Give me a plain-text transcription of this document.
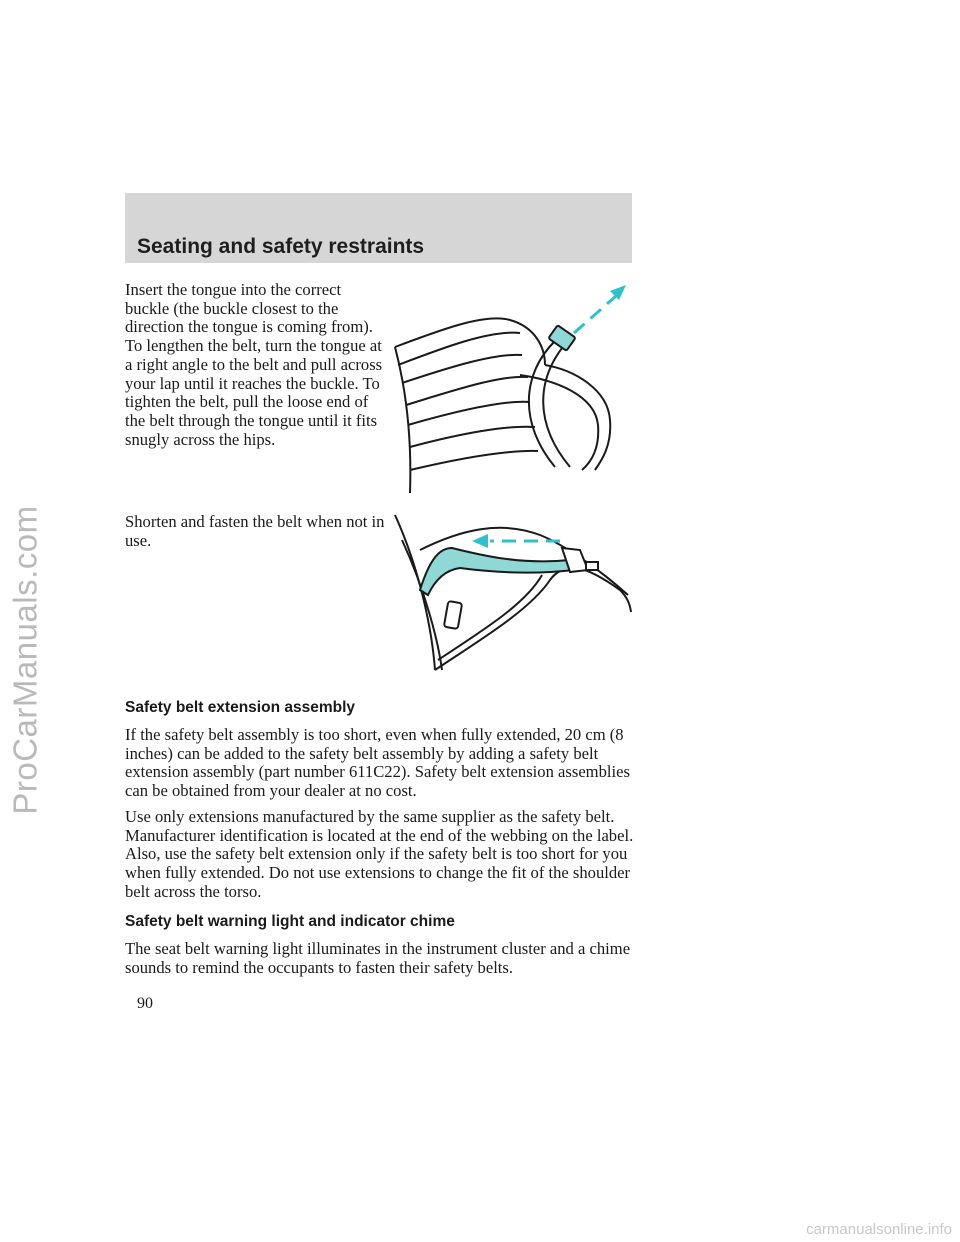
ProCarManuals.com
Seating and safety restraints

Insert the tongue into the correct buckle (the buckle closest to the direction the tongue is coming from). To lengthen the belt, turn the tongue at a right angle to the belt and pull across your lap until it reaches the buckle. To tighten the belt, pull the loose end of the belt through the tongue until it fits snugly across the hips.

Shorten and fasten the belt when not in use.

Safety belt extension assembly

If the safety belt assembly is too short, even when fully extended, 20 cm (8 inches) can be added to the safety belt assembly by adding a safety belt extension assembly (part number 611C22). Safety belt extension assemblies can be obtained from your dealer at no cost.

Use only extensions manufactured by the same supplier as the safety belt. Manufacturer identification is located at the end of the webbing on the label. Also, use the safety belt extension only if the safety belt is too short for you when fully extended. Do not use extensions to change the fit of the shoulder belt across the torso.

Safety belt warning light and indicator chime

The seat belt warning light illuminates in the instrument cluster and a chime sounds to remind the occupants to fasten their safety belts.

90
carmanualsonline.info
